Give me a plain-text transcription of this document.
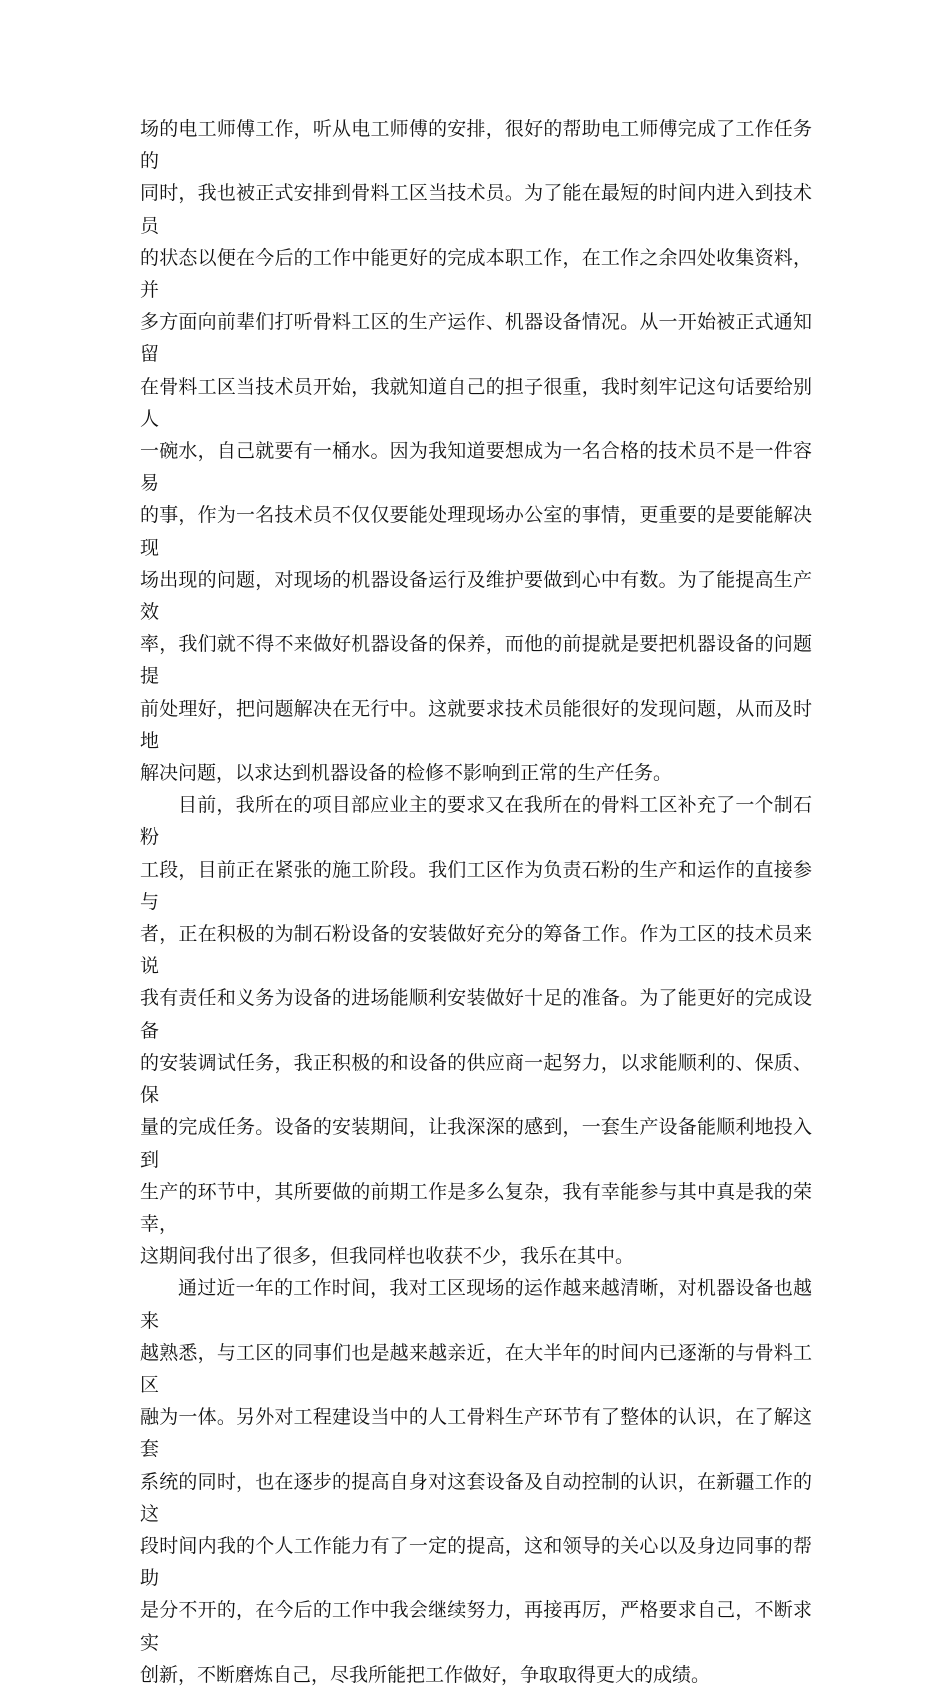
场的电工师傅工作，听从电工师傅的安排，很好的帮助电工师傅完成了工作任务的
同时，我也被正式安排到骨料工区当技术员。为了能在最短的时间内进入到技术员
的状态以便在今后的工作中能更好的完成本职工作，在工作之余四处收集资料，并
多方面向前辈们打听骨料工区的生产运作、机器设备情况。从一开始被正式通知留
在骨料工区当技术员开始，我就知道自己的担子很重，我时刻牢记这句话要给别人
一碗水，自己就要有一桶水。因为我知道要想成为一名合格的技术员不是一件容易
的事，作为一名技术员不仅仅要能处理现场办公室的事情，更重要的是要能解决现
场出现的问题，对现场的机器设备运行及维护要做到心中有数。为了能提高生产效
率，我们就不得不来做好机器设备的保养，而他的前提就是要把机器设备的问题提
前处理好，把问题解决在无行中。这就要求技术员能很好的发现问题，从而及时地
解决问题，以求达到机器设备的检修不影响到正常的生产任务。
目前，我所在的项目部应业主的要求又在我所在的骨料工区补充了一个制石粉
工段，目前正在紧张的施工阶段。我们工区作为负责石粉的生产和运作的直接参与
者，正在积极的为制石粉设备的安装做好充分的筹备工作。作为工区的技术员来说
我有责任和义务为设备的进场能顺利安装做好十足的准备。为了能更好的完成设备
的安装调试任务，我正积极的和设备的供应商一起努力，以求能顺利的、保质、保
量的完成任务。设备的安装期间，让我深深的感到，一套生产设备能顺利地投入到
生产的环节中，其所要做的前期工作是多么复杂，我有幸能参与其中真是我的荣幸，
这期间我付出了很多，但我同样也收获不少，我乐在其中。
通过近一年的工作时间，我对工区现场的运作越来越清晰，对机器设备也越来
越熟悉，与工区的同事们也是越来越亲近，在大半年的时间内已逐渐的与骨料工区
融为一体。另外对工程建设当中的人工骨料生产环节有了整体的认识，在了解这套
系统的同时，也在逐步的提高自身对这套设备及自动控制的认识，在新疆工作的这
段时间内我的个人工作能力有了一定的提高，这和领导的关心以及身边同事的帮助
是分不开的，在今后的工作中我会继续努力，再接再厉，严格要求自己，不断求实
创新，不断磨炼自己，尽我所能把工作做好，争取取得更大的成绩。
